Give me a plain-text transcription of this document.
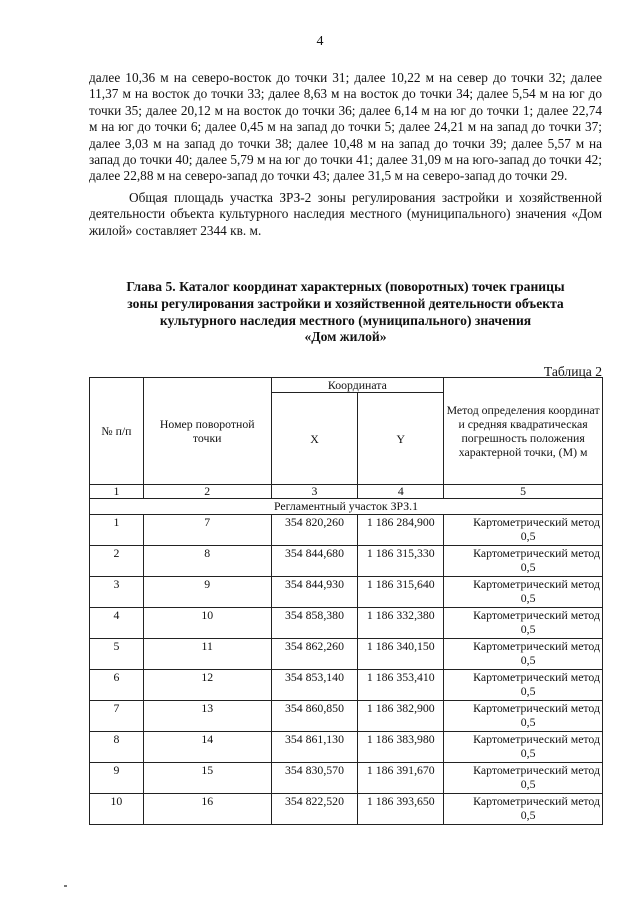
4

далее 10,36 м на северо-восток до точки 31; далее 10,22 м на север до точки 32; далее 11,37 м на восток до точки 33; далее 8,63 м на восток до точки 34; далее 5,54 м на юг до точки 35; далее 20,12 м на восток до точки 36; далее 6,14 м на юг до точки 1; далее 22,74 м на юг до точки 6; далее 0,45 м на запад до точки 5; далее 24,21 м на запад до точки 37; далее 3,03 м на запад до точки 38; далее 10,48 м на запад до точки 39; далее 5,57 м на запад до точки 40; далее 5,79 м на юг до точки 41; далее 31,09 м на юго-запад до точки 42; далее 22,88 м на северо-запад до точки 43; далее 31,5 м на северо-запад до точки 29.

Общая площадь участка ЗРЗ-2 зоны регулирования застройки и хозяйственной деятельности объекта культурного наследия местного (муниципального) значения «Дом жилой» составляет 2344 кв. м.

Глава 5. Каталог координат характерных (поворотных) точек границы
зоны регулирования застройки и хозяйственной деятельности объекта
культурного наследия местного (муниципального) значения
«Дом жилой»
Таблица 2
№ п/п	Номер поворотной точки	Координата		Метод определения координат и средняя квадратическая погрешность положения характерной точки, (М) м
		X	Y	
1	2	3	4	5
Регламентный участок ЗРЗ.1				
1	7	354 820,260	1 186 284,900	Картометрический метод
0,5

2	8	354 844,680	1 186 315,330	Картометрический метод
0,5

3	9	354 844,930	1 186 315,640	Картометрический метод
0,5

4	10	354 858,380	1 186 332,380	Картометрический метод
0,5

5	11	354 862,260	1 186 340,150	Картометрический метод
0,5

6	12	354 853,140	1 186 353,410	Картометрический метод
0,5

7	13	354 860,850	1 186 382,900	Картометрический метод
0,5

8	14	354 861,130	1 186 383,980	Картометрический метод
0,5

9	15	354 830,570	1 186 391,670	Картометрический метод
0,5

10	16	354 822,520	1 186 393,650	Картометрический метод
0,5
